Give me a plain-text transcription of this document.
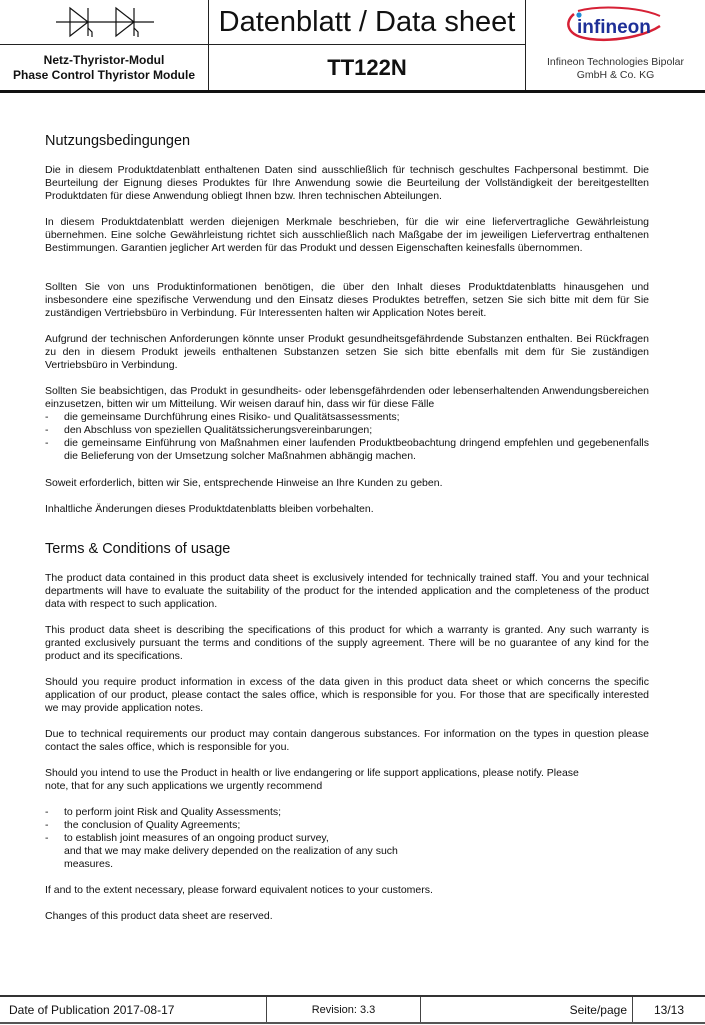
Datenblatt / Data sheet
Netz-Thyristor-Modul
Phase Control Thyristor Module	TT122N
infineon
Infineon Technologies Bipolar
GmbH & Co. KG
Nutzungsbedingungen

Die in diesem Produktdatenblatt enthaltenen Daten sind ausschließlich für technisch geschultes Fachpersonal bestimmt. Die Beurteilung der Eignung dieses Produktes für Ihre Anwendung sowie die Beurteilung der Vollständigkeit der bereitgestellten Produktdaten für diese Anwendung obliegt Ihnen bzw. Ihren technischen Abteilungen.

In diesem Produktdatenblatt werden diejenigen Merkmale beschrieben, für die wir eine liefervertragliche Gewährleistung übernehmen. Eine solche Gewährleistung richtet sich ausschließlich nach Maßgabe der im jeweiligen Liefervertrag enthaltenen Bestimmungen. Garantien jeglicher Art werden für das Produkt und dessen Eigenschaften keinesfalls übernommen.

Sollten Sie von uns Produktinformationen benötigen, die über den Inhalt dieses Produktdatenblatts hinausgehen und insbesondere eine spezifische Verwendung und den Einsatz dieses Produktes betreffen, setzen Sie sich bitte mit dem für Sie zuständigen Vertriebsbüro in Verbindung. Für Interessenten halten wir Application Notes bereit.

Aufgrund der technischen Anforderungen könnte unser Produkt gesundheitsgefährdende Substanzen enthalten. Bei Rückfragen zu den in diesem Produkt jeweils enthaltenen Substanzen setzen Sie sich bitte ebenfalls mit dem für Sie zuständigen Vertriebsbüro in Verbindung.

Sollten Sie beabsichtigen, das Produkt in gesundheits- oder lebensgefährdenden oder lebenserhaltenden Anwendungsbereichen einzusetzen, bitten wir um Mitteilung. Wir weisen darauf hin, dass wir für diese Fälle

- die gemeinsame Durchführung eines Risiko- und Qualitätsassessments;
- den Abschluss von speziellen Qualitätssicherungsvereinbarungen;
- die gemeinsame Einführung von Maßnahmen einer laufenden Produktbeobachtung dringend empfehlen und gegebenenfalls die Belieferung von der Umsetzung solcher Maßnahmen abhängig machen.

Soweit erforderlich, bitten wir Sie, entsprechende Hinweise an Ihre Kunden zu geben.

Inhaltliche Änderungen dieses Produktdatenblatts bleiben vorbehalten.

Terms & Conditions of usage

The product data contained in this product data sheet is exclusively intended for technically trained staff. You and your technical departments will have to evaluate the suitability of the product for the intended application and the completeness of the product data with respect to such application.

This product data sheet is describing the specifications of this product for which a warranty is granted. Any such warranty is granted exclusively pursuant the terms and conditions of the supply agreement. There will be no guarantee of any kind for the product and its specifications.

Should you require product information in excess of the data given in this product data sheet or which concerns the specific application of our product, please contact the sales office, which is responsible for you. For those that are specifically interested we may provide application notes.

Due to technical requirements our product may contain dangerous substances. For information on the types in question please contact the sales office, which is responsible for you.

Should you intend to use the Product in health or live endangering or life support applications, please notify. Please
note, that for any such applications we urgently recommend
- to perform joint Risk and Quality Assessments;
- the conclusion of Quality Agreements;
- to establish joint measures of an ongoing product survey,
and that we may make delivery depended on the realization of any such
measures.

If and to the extent necessary, please forward equivalent notices to your customers.

Changes of this product data sheet are reserved.

Date of Publication 2017-08-17	Revision: 3.3	Seite/page	13/13
